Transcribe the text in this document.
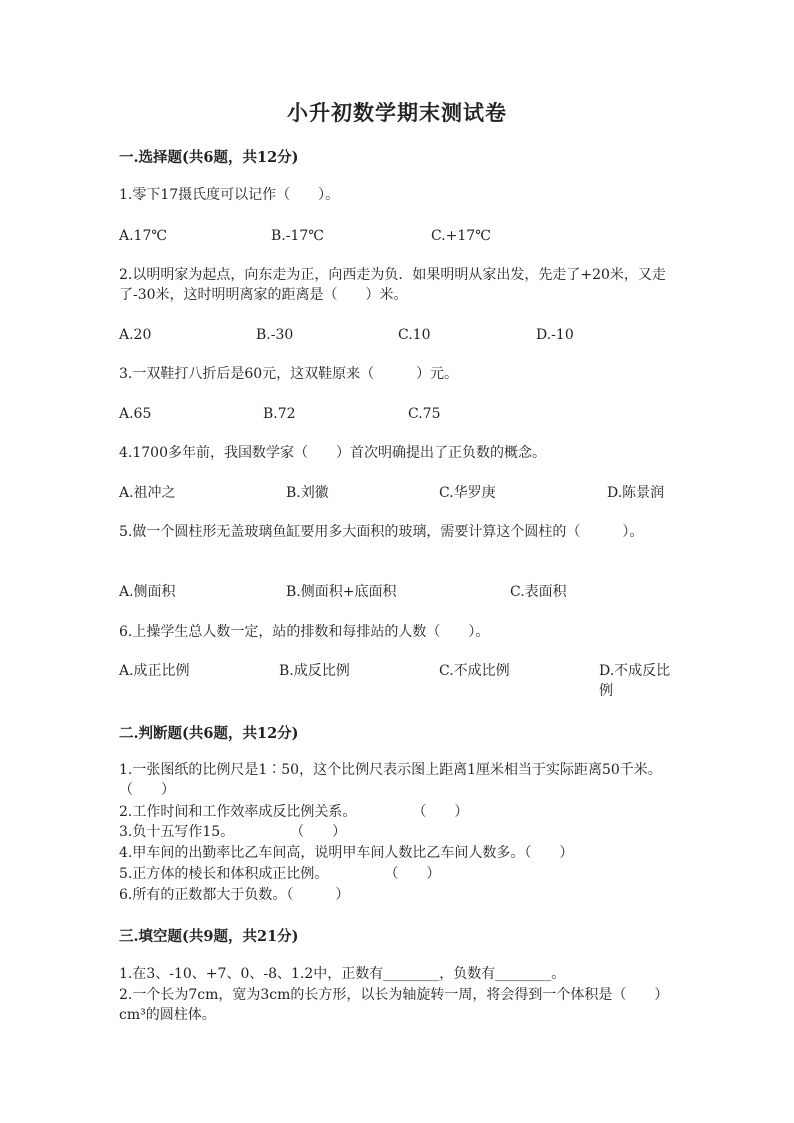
小升初数学期末测试卷
一.选择题(共6题，共12分)
1.零下17摄氏度可以记作（　　）。
A.17℃	B.-17℃	C.+17℃
2.以明明家为起点，向东走为正，向西走为负．如果明明从家出发，先走了+20米，又走了-30米，这时明明离家的距离是（　　）米。
A.20	B.-30	C.10	D.-10
3.一双鞋打八折后是60元，这双鞋原来（　　　）元。
A.65	B.72	C.75
4.1700多年前，我国数学家（　　）首次明确提出了正负数的概念。
A.祖冲之	B.刘徽	C.华罗庚	D.陈景润
5.做一个圆柱形无盖玻璃鱼缸要用多大面积的玻璃，需要计算这个圆柱的（　　　）。
A.侧面积	B.侧面积+底面积	C.表面积
6.上操学生总人数一定，站的排数和每排站的人数（　　）。
A.成正比例	B.成反比例	C.不成比例	D.不成反比例
二.判断题(共6题，共12分)
1.一张图纸的比例尺是1∶50，这个比例尺表示图上距离1厘米相当于实际距离50千米。　　　　（　　）
2.工作时间和工作效率成反比例关系。　　　　　（　　）
3.负十五写作15。　　　　　（　　）
4.甲车间的出勤率比乙车间高，说明甲车间人数比乙车间人数多。（　　）
5.正方体的棱长和体积成正比例。　　　　　（　　）
6.所有的正数都大于负数。（　　　）
三.填空题(共9题，共21分)
1.在3、-10、+7、0、-8、1.2中，正数有________，负数有________。
2.一个长为7cm，宽为3cm的长方形，以长为轴旋转一周，将会得到一个体积是（　　）cm³的圆柱体。
